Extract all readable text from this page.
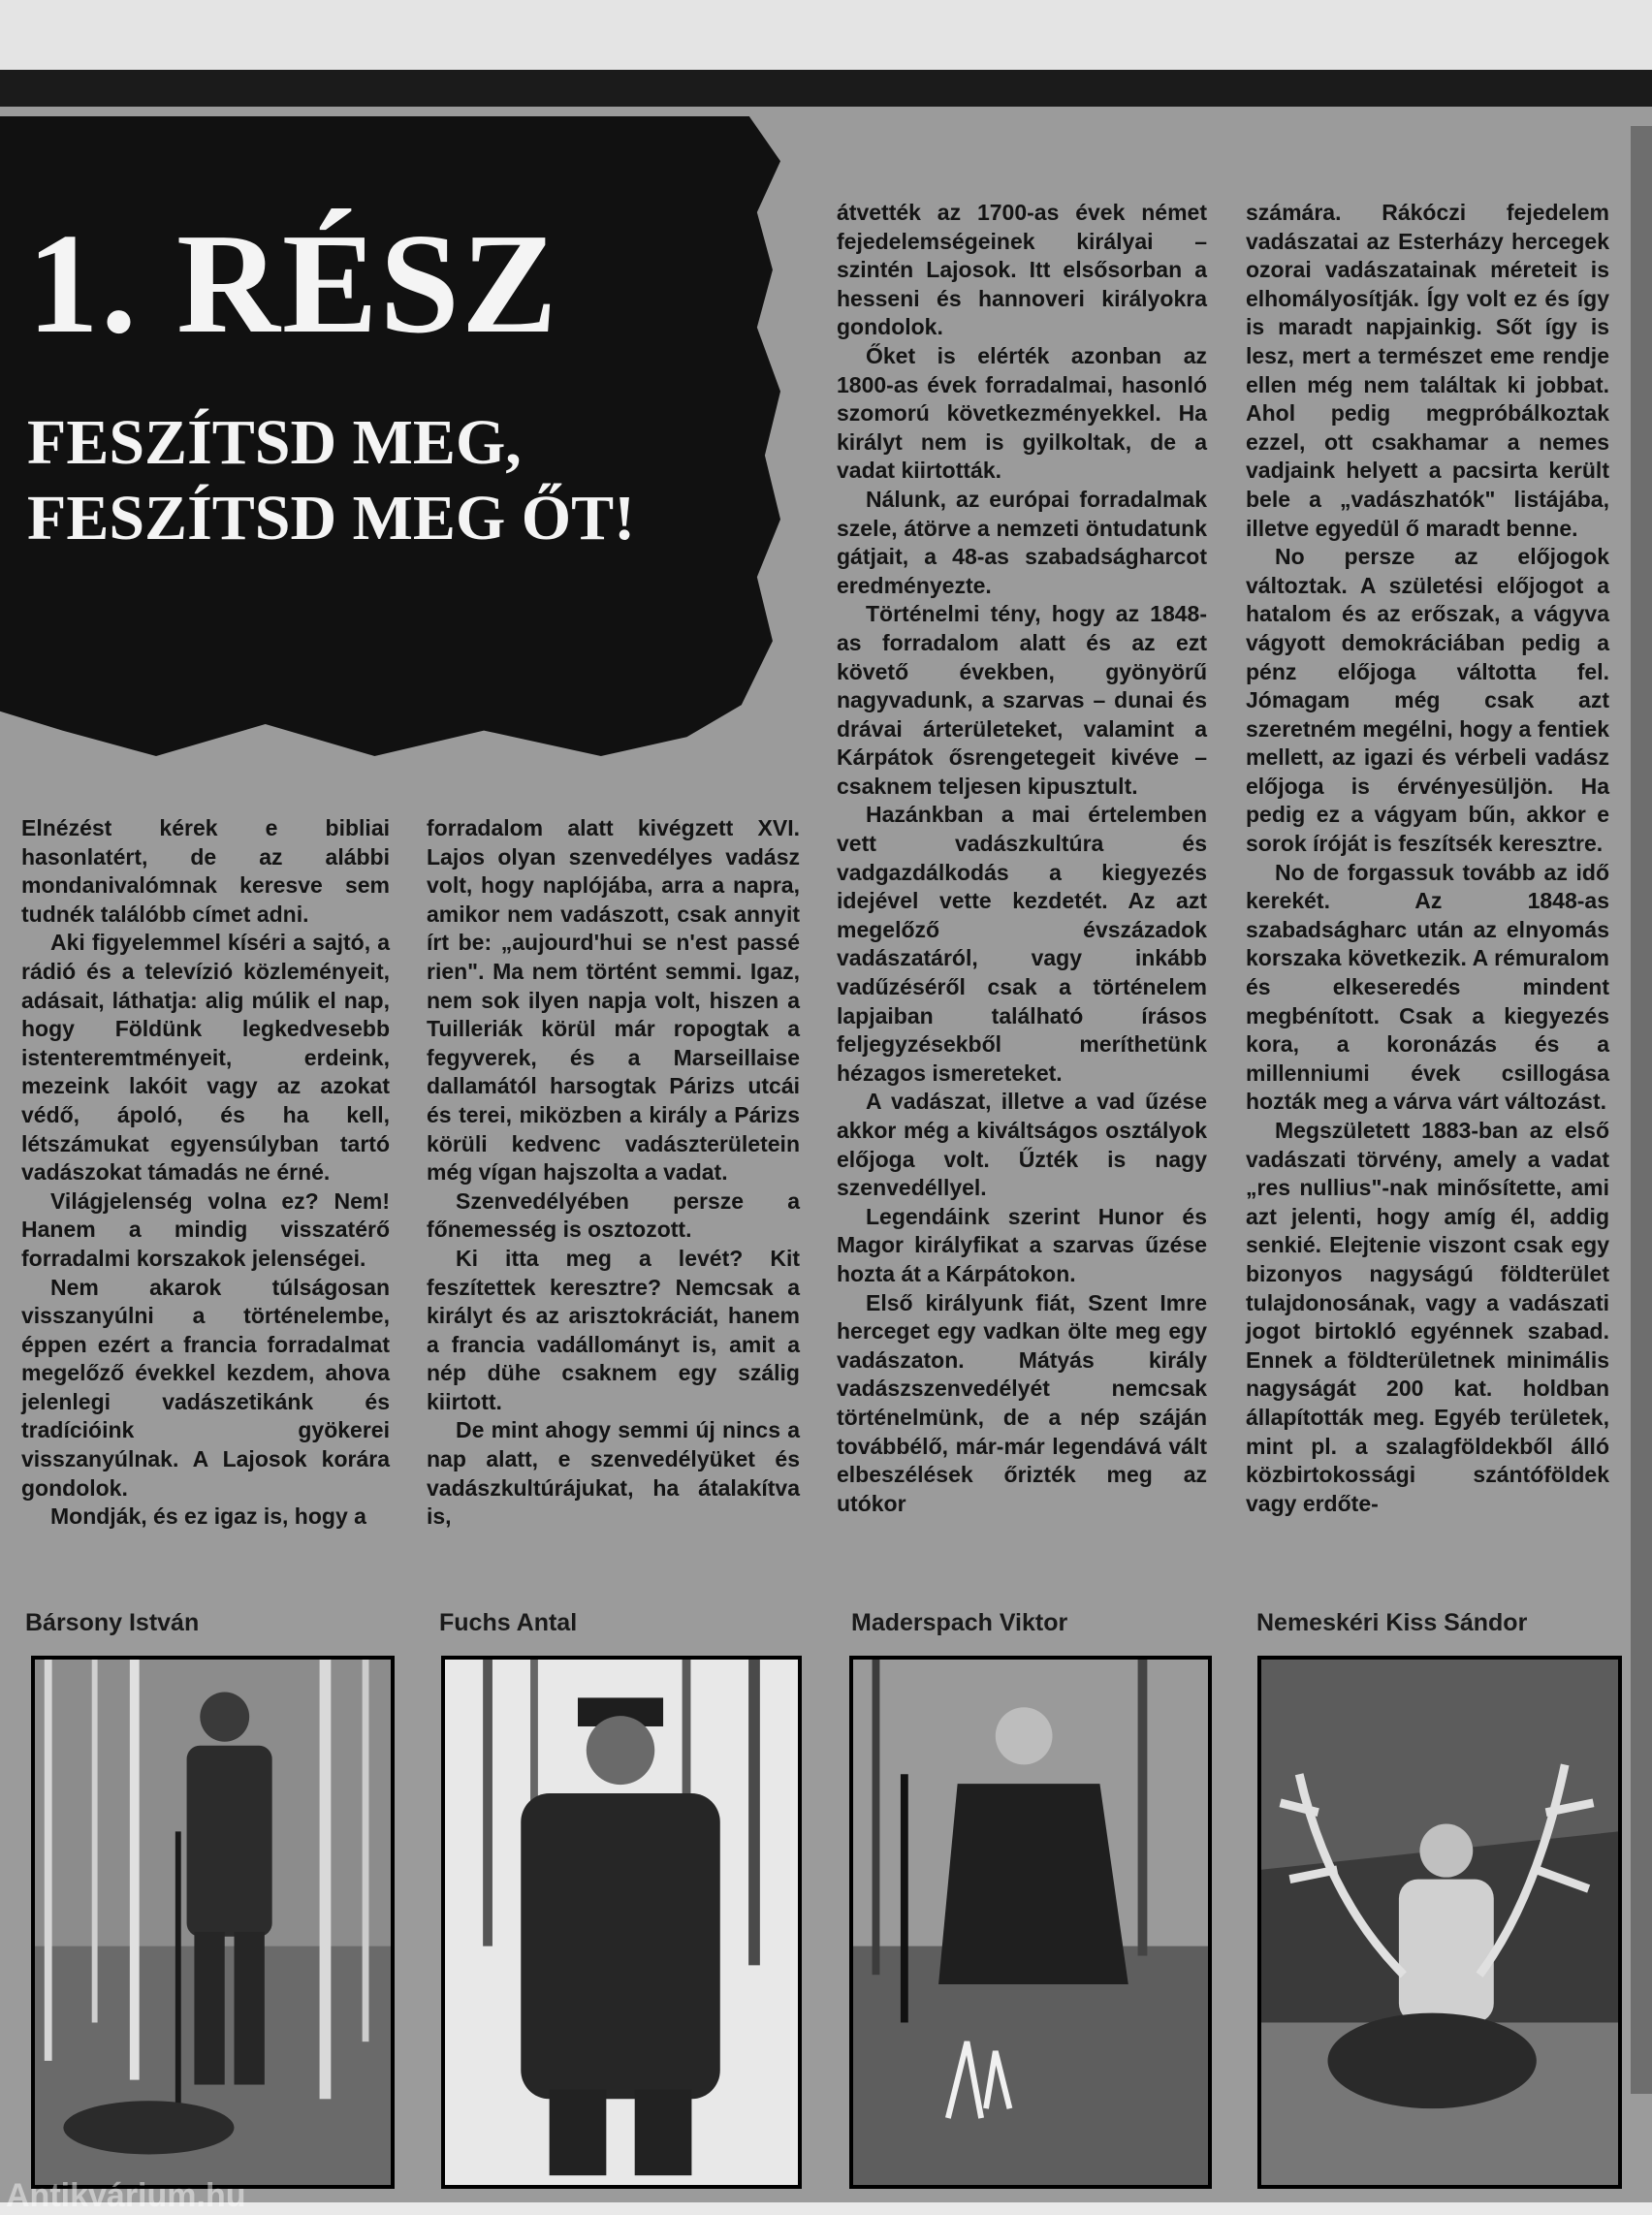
1. RÉSZ
FESZÍTSD MEG,
FESZÍTSD MEG ŐT!

Elnézést kérek e bibliai hasonlatért, de az alábbi mondanivalómnak keresve sem tudnék találóbb címet adni.

Aki figyelemmel kíséri a sajtó, a rádió és a televízió közleményeit, adásait, láthatja: alig múlik el nap, hogy Földünk legkedvesebb istenteremtményeit, erdeink, mezeink lakóit vagy az azokat védő, ápoló, és ha kell, létszámukat egyensúlyban tartó vadászokat támadás ne érné.

Világjelenség volna ez? Nem! Hanem a mindig visszatérő forradalmi korszakok jelenségei.

Nem akarok túlságosan visszanyúlni a történelembe, éppen ezért a francia forradalmat megelőző évekkel kezdem, ahova jelenlegi vadászetikánk és tradícióink gyökerei visszanyúlnak. A Lajosok korára gondolok.

Mondják, és ez igaz is, hogy a

forradalom alatt kivégzett XVI. Lajos olyan szenvedélyes vadász volt, hogy naplójába, arra a napra, amikor nem vadászott, csak annyit írt be: „aujourd'hui se n'est passé rien". Ma nem történt semmi. Igaz, nem sok ilyen napja volt, hiszen a Tuilleriák körül már ropogtak a fegyverek, és a Marseillaise dallamától harsogtak Párizs utcái és terei, miközben a király a Párizs körüli kedvenc vadászterületein még vígan hajszolta a vadat.

Szenvedélyében persze a főnemesség is osztozott.

Ki itta meg a levét? Kit feszítettek keresztre? Nemcsak a királyt és az arisztokráciát, hanem a francia vadállományt is, amit a nép dühe csaknem egy szálig kiirtott.

De mint ahogy semmi új nincs a nap alatt, e szenvedélyüket és vadászkultúrájukat, ha átalakítva is,

átvették az 1700-as évek német fejedelemségeinek királyai – szintén Lajosok. Itt elsősorban a hesseni és hannoveri királyokra gondolok.

Őket is elérték azonban az 1800-as évek forradalmai, hasonló szomorú következményekkel. Ha királyt nem is gyilkoltak, de a vadat kiirtották.

Nálunk, az európai forradalmak szele, átörve a nemzeti öntudatunk gátjait, a 48-as szabadságharcot eredményezte.

Történelmi tény, hogy az 1848-as forradalom alatt és az ezt követő években, gyönyörű nagyvadunk, a szarvas – dunai és drávai árterületeket, valamint a Kárpátok ősrengetegeit kivéve – csaknem teljesen kipusztult.

Hazánkban a mai értelemben vett vadászkultúra és vadgazdálkodás a kiegyezés idejével vette kezdetét. Az azt megelőző évszázadok vadászatáról, vagy inkább vadűzéséről csak a történelem lapjaiban található írásos feljegyzésekből meríthetünk hézagos ismereteket.

A vadászat, illetve a vad űzése akkor még a kiváltságos osztályok előjoga volt. Űzték is nagy szenvedéllyel.

Legendáink szerint Hunor és Magor királyfikat a szarvas űzése hozta át a Kárpátokon.

Első királyunk fiát, Szent Imre herceget egy vadkan ölte meg egy vadászaton. Mátyás király vadászszenvedélyét nemcsak történelmünk, de a nép száján továbbélő, már-már legendává vált elbeszélések őrizték meg az utókor

számára. Rákóczi fejedelem vadászatai az Esterházy hercegek ozorai vadászatainak méreteit is elhomályosítják. Így volt ez és így is maradt napjainkig. Sőt így is lesz, mert a természet eme rendje ellen még nem találtak ki jobbat. Ahol pedig megpróbálkoztak ezzel, ott csakhamar a nemes vadjaink helyett a pacsirta került bele a „vadászhatók" listájába, illetve egyedül ő maradt benne.

No persze az előjogok változtak. A születési előjogot a hatalom és az erőszak, a vágyva vágyott demokráciában pedig a pénz előjoga váltotta fel. Jómagam még csak azt szeretném megélni, hogy a fentiek mellett, az igazi és vérbeli vadász előjoga is érvényesüljön. Ha pedig ez a vágyam bűn, akkor e sorok íróját is feszítsék keresztre.

No de forgassuk tovább az idő kerekét. Az 1848-as szabadságharc után az elnyomás korszaka következik. A rémuralom és elkeseredés mindent megbénított. Csak a kiegyezés kora, a koronázás és a millenniumi évek csillogása hozták meg a várva várt változást.

Megszületett 1883-ban az első vadászati törvény, amely a vadat „res nullius"-nak minősítette, ami azt jelenti, hogy amíg él, addig senkié. Elejtenie viszont csak egy bizonyos nagyságú földterület tulajdonosának, vagy a vadászati jogot birtokló egyénnek szabad. Ennek a földterületnek minimális nagyságát 200 kat. holdban állapították meg. Egyéb területek, mint pl. a szalagföldekből álló közbirtokossági szántóföldek vagy erdőte-

Bársony István	Fuchs Antal	Maderspach Viktor	Nemeskéri Kiss Sándor

Antikvárium.hu
